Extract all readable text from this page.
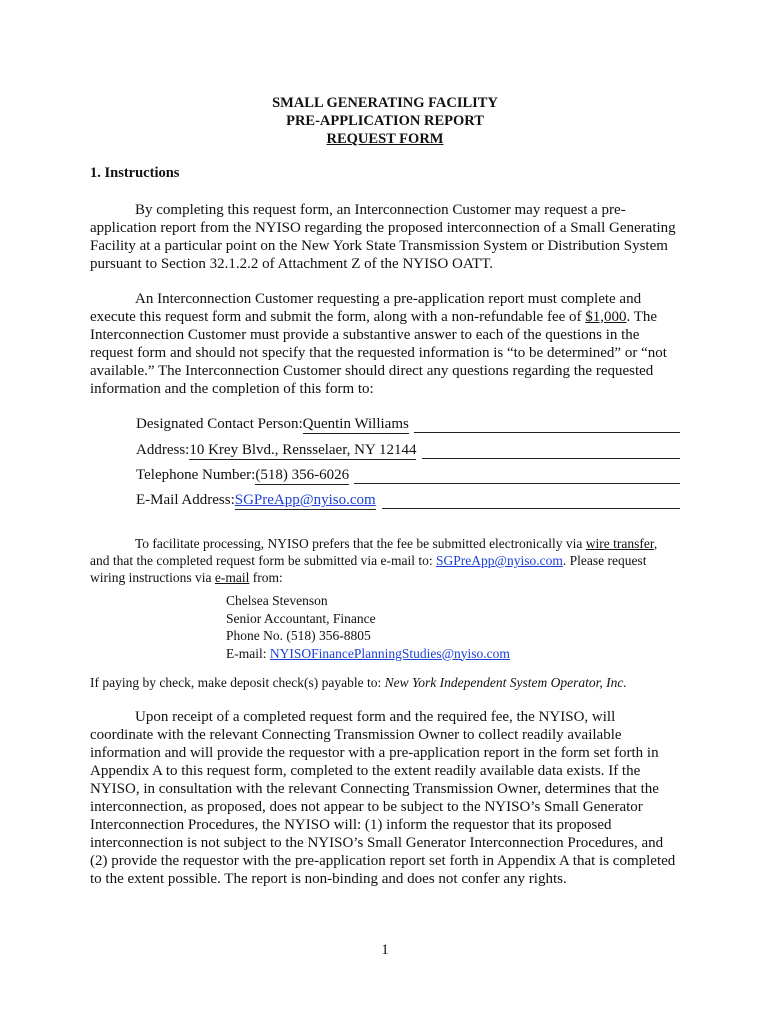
SMALL GENERATING FACILITY
PRE-APPLICATION REPORT
REQUEST FORM
1. Instructions

By completing this request form, an Interconnection Customer may request a pre-application report from the NYISO regarding the proposed interconnection of a Small Generating Facility at a particular point on the New York State Transmission System or Distribution System pursuant to Section 32.1.2.2 of Attachment Z of the NYISO OATT.

An Interconnection Customer requesting a pre-application report must complete and execute this request form and submit the form, along with a non-refundable fee of $1,000. The Interconnection Customer must provide a substantive answer to each of the questions in the request form and should not specify that the requested information is “to be determined” or “not available.” The Interconnection Customer should direct any questions regarding the requested information and the completion of this form to:

Designated Contact Person:Quentin Williams
Address:10 Krey Blvd., Rensselaer, NY 12144
Telephone Number:(518) 356-6026
E-Mail Address:SGPreApp@nyiso.com

To facilitate processing, NYISO prefers that the fee be submitted electronically via wire transfer, and that the completed request form be submitted via e-mail to: SGPreApp@nyiso.com. Please request wiring instructions via e-mail from:

Chelsea Stevenson
Senior Accountant, Finance
Phone No. (518) 356-8805
E-mail: NYISOFinancePlanningStudies@nyiso.com

If paying by check, make deposit check(s) payable to: New York Independent System Operator, Inc.

Upon receipt of a completed request form and the required fee, the NYISO, will coordinate with the relevant Connecting Transmission Owner to collect readily available information and will provide the requestor with a pre-application report in the form set forth in Appendix A to this request form, completed to the extent readily available data exists. If the NYISO, in consultation with the relevant Connecting Transmission Owner, determines that the interconnection, as proposed, does not appear to be subject to the NYISO’s Small Generator Interconnection Procedures, the NYISO will: (1) inform the requestor that its proposed interconnection is not subject to the NYISO’s Small Generator Interconnection Procedures, and (2) provide the requestor with the pre-application report set forth in Appendix A that is completed to the extent possible. The report is non-binding and does not confer any rights.

1
